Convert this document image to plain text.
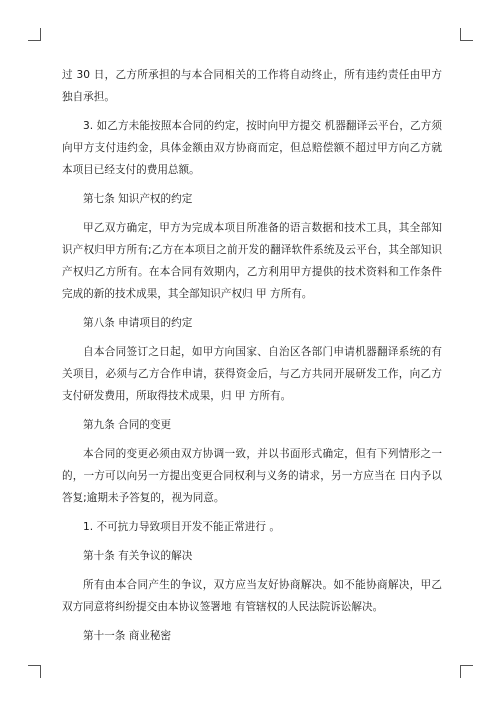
过 30 日，乙方所承担的与本合同相关的工作将自动终止，所有违约责任由甲方独自承担。

3. 如乙方未能按照本合同的约定，按时向甲方提交 机器翻译云平台，乙方须向甲方支付违约金，具体金额由双方协商而定，但总赔偿额不超过甲方向乙方就本项目已经支付的费用总额。

第七条 知识产权的约定

甲乙双方确定，甲方为完成本项目所准备的语言数据和技术工具，其全部知识产权归甲方所有;乙方在本项目之前开发的翻译软件系统及云平台，其全部知识产权归乙方所有。在本合同有效期内，乙方利用甲方提供的技术资料和工作条件完成的新的技术成果，其全部知识产权归 甲 方所有。

第八条 申请项目的约定

自本合同签订之日起，如甲方向国家、自治区各部门申请机器翻译系统的有关项目，必须与乙方合作申请，获得资金后，与乙方共同开展研发工作，向乙方支付研发费用，所取得技术成果，归 甲 方所有。

第九条 合同的变更

本合同的变更必须由双方协调一致，并以书面形式确定，但有下列情形之一的，一方可以向另一方提出变更合同权利与义务的请求，另一方应当在 日内予以答复;逾期未予答复的，视为同意。

1. 不可抗力导致项目开发不能正常进行 。

第十条 有关争议的解决

所有由本合同产生的争议，双方应当友好协商解决。如不能协商解决，甲乙双方同意将纠纷提交由本协议签署地 有管辖权的人民法院诉讼解决。

第十一条 商业秘密
